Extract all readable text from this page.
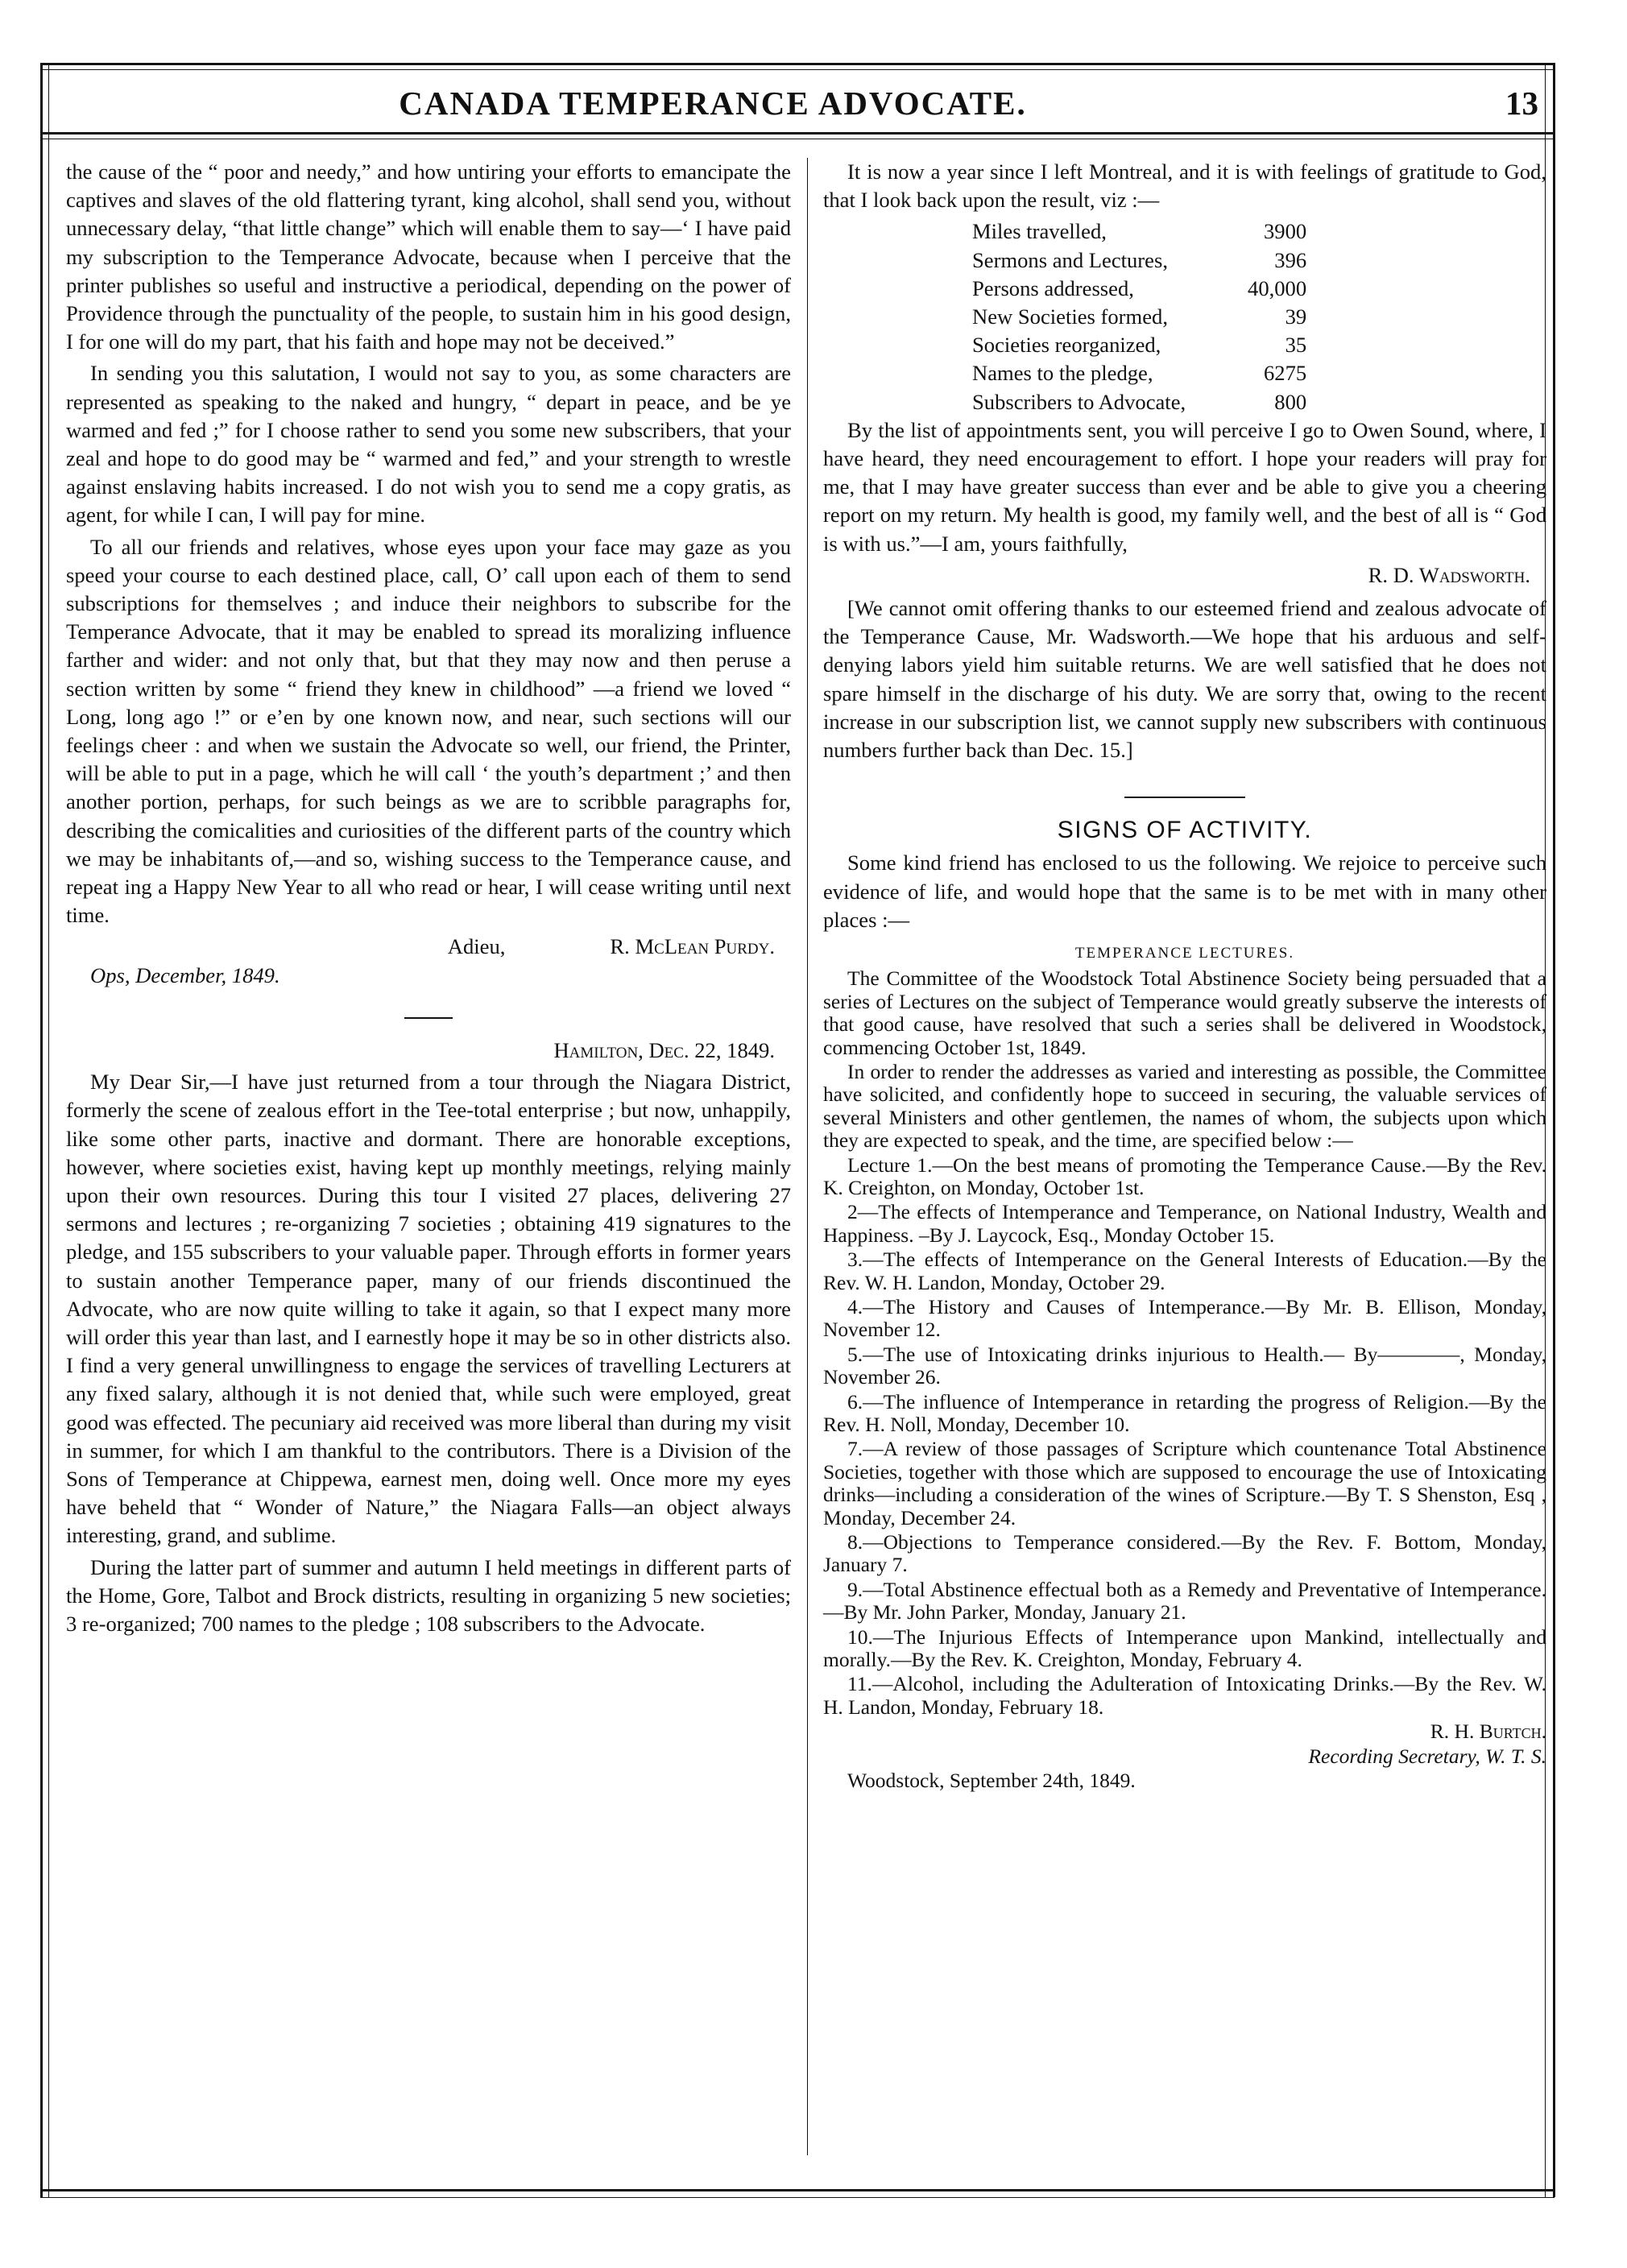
CANADA TEMPERANCE ADVOCATE.	13

the cause of the “ poor and needy,” and how untiring your efforts to emancipate the captives and slaves of the old flattering tyrant, king alcohol, shall send you, without unnecessary delay, “that little change” which will enable them to say—‘ I have paid my subscription to the Temperance Advocate, because when I perceive that the printer publishes so useful and instructive a periodical, depending on the power of Providence through the punctuality of the people, to sustain him in his good design, I for one will do my part, that his faith and hope may not be deceived.”

In sending you this salutation, I would not say to you, as some characters are represented as speaking to the naked and hungry, “ depart in peace, and be ye warmed and fed ;” for I choose rather to send you some new subscribers, that your zeal and hope to do good may be “ warmed and fed,” and your strength to wrestle against enslaving habits increased. I do not wish you to send me a copy gratis, as agent, for while I can, I will pay for mine.

To all our friends and relatives, whose eyes upon your face may gaze as you speed your course to each destined place, call, O’ call upon each of them to send subscriptions for themselves ; and induce their neighbors to subscribe for the Temperance Advocate, that it may be enabled to spread its moralizing influence farther and wider: and not only that, but that they may now and then peruse a section written by some “ friend they knew in childhood” —a friend we loved “ Long, long ago !” or e’en by one known now, and near, such sections will our feelings cheer : and when we sustain the Advocate so well, our friend, the Printer, will be able to put in a page, which he will call ‘ the youth’s department ;’ and then another portion, perhaps, for such beings as we are to scribble paragraphs for, describing the comicalities and curiosities of the different parts of the country which we may be inhabitants of,—and so, wishing success to the Temperance cause, and repeat ing a Happy New Year to all who read or hear, I will cease writing until next time.

Adieu,	R. McLean Purdy.

Ops, December, 1849.

Hamilton, Dec. 22, 1849.

My Dear Sir,—I have just returned from a tour through the Niagara District, formerly the scene of zealous effort in the Tee-total enterprise ; but now, unhappily, like some other parts, inactive and dormant. There are honorable exceptions, however, where societies exist, having kept up monthly meetings, relying mainly upon their own resources. During this tour I visited 27 places, delivering 27 sermons and lectures ; re-organizing 7 societies ; obtaining 419 signatures to the pledge, and 155 subscribers to your valuable paper. Through efforts in former years to sustain another Temperance paper, many of our friends discontinued the Advocate, who are now quite willing to take it again, so that I expect many more will order this year than last, and I earnestly hope it may be so in other districts also. I find a very general unwillingness to engage the services of travelling Lecturers at any fixed salary, although it is not denied that, while such were employed, great good was effected. The pecuniary aid received was more liberal than during my visit in summer, for which I am thankful to the contributors. There is a Division of the Sons of Temperance at Chippewa, earnest men, doing well. Once more my eyes have beheld that “ Wonder of Nature,” the Niagara Falls—an object always interesting, grand, and sublime.

During the latter part of summer and autumn I held meetings in different parts of the Home, Gore, Talbot and Brock districts, resulting in organizing 5 new societies; 3 re-organized; 700 names to the pledge ; 108 subscribers to the Advocate.

It is now a year since I left Montreal, and it is with feelings of gratitude to God, that I look back upon the result, viz :—

Miles travelled,	3900
Sermons and Lectures,	396
Persons addressed,	40,000
New Societies formed,	39
Societies reorganized,	35
Names to the pledge,	6275
Subscribers to Advocate,	800

By the list of appointments sent, you will perceive I go to Owen Sound, where, I have heard, they need encouragement to effort. I hope your readers will pray for me, that I may have greater success than ever and be able to give you a cheering report on my return. My health is good, my family well, and the best of all is “ God is with us.”—I am, yours faithfully,

R. D. Wadsworth.

[We cannot omit offering thanks to our esteemed friend and zealous advocate of the Temperance Cause, Mr. Wadsworth.—We hope that his arduous and self-denying labors yield him suitable returns. We are well satisfied that he does not spare himself in the discharge of his duty. We are sorry that, owing to the recent increase in our subscription list, we cannot supply new subscribers with continuous numbers further back than Dec. 15.]

SIGNS OF ACTIVITY.

Some kind friend has enclosed to us the following. We rejoice to perceive such evidence of life, and would hope that the same is to be met with in many other places :—

TEMPERANCE LECTURES.

The Committee of the Woodstock Total Abstinence Society being persuaded that a series of Lectures on the subject of Temperance would greatly subserve the interests of that good cause, have resolved that such a series shall be delivered in Woodstock, commencing October 1st, 1849.

In order to render the addresses as varied and interesting as possible, the Committee have solicited, and confidently hope to succeed in securing, the valuable services of several Ministers and other gentlemen, the names of whom, the subjects upon which they are expected to speak, and the time, are specified below :—

Lecture 1.—On the best means of promoting the Temperance Cause.—By the Rev. K. Creighton, on Monday, October 1st.

2—The effects of Intemperance and Temperance, on National Industry, Wealth and Happiness. –By J. Laycock, Esq., Monday October 15.

3.—The effects of Intemperance on the General Interests of Education.—By the Rev. W. H. Landon, Monday, October 29.

4.—The History and Causes of Intemperance.—By Mr. B. Ellison, Monday, November 12.

5.—The use of Intoxicating drinks injurious to Health.— By————, Monday, November 26.

6.—The influence of Intemperance in retarding the progress of Religion.—By the Rev. H. Noll, Monday, December 10.

7.—A review of those passages of Scripture which countenance Total Abstinence Societies, together with those which are supposed to encourage the use of Intoxicating drinks—including a consideration of the wines of Scripture.—By T. S Shenston, Esq , Monday, December 24.

8.—Objections to Temperance considered.—By the Rev. F. Bottom, Monday, January 7.

9.—Total Abstinence effectual both as a Remedy and Preventative of Intemperance.—By Mr. John Parker, Monday, January 21.

10.—The Injurious Effects of Intemperance upon Mankind, intellectually and morally.—By the Rev. K. Creighton, Monday, February 4.

11.—Alcohol, including the Adulteration of Intoxicating Drinks.—By the Rev. W. H. Landon, Monday, February 18.

R. H. Burtch.

Recording Secretary, W. T. S.

Woodstock, September 24th, 1849.
